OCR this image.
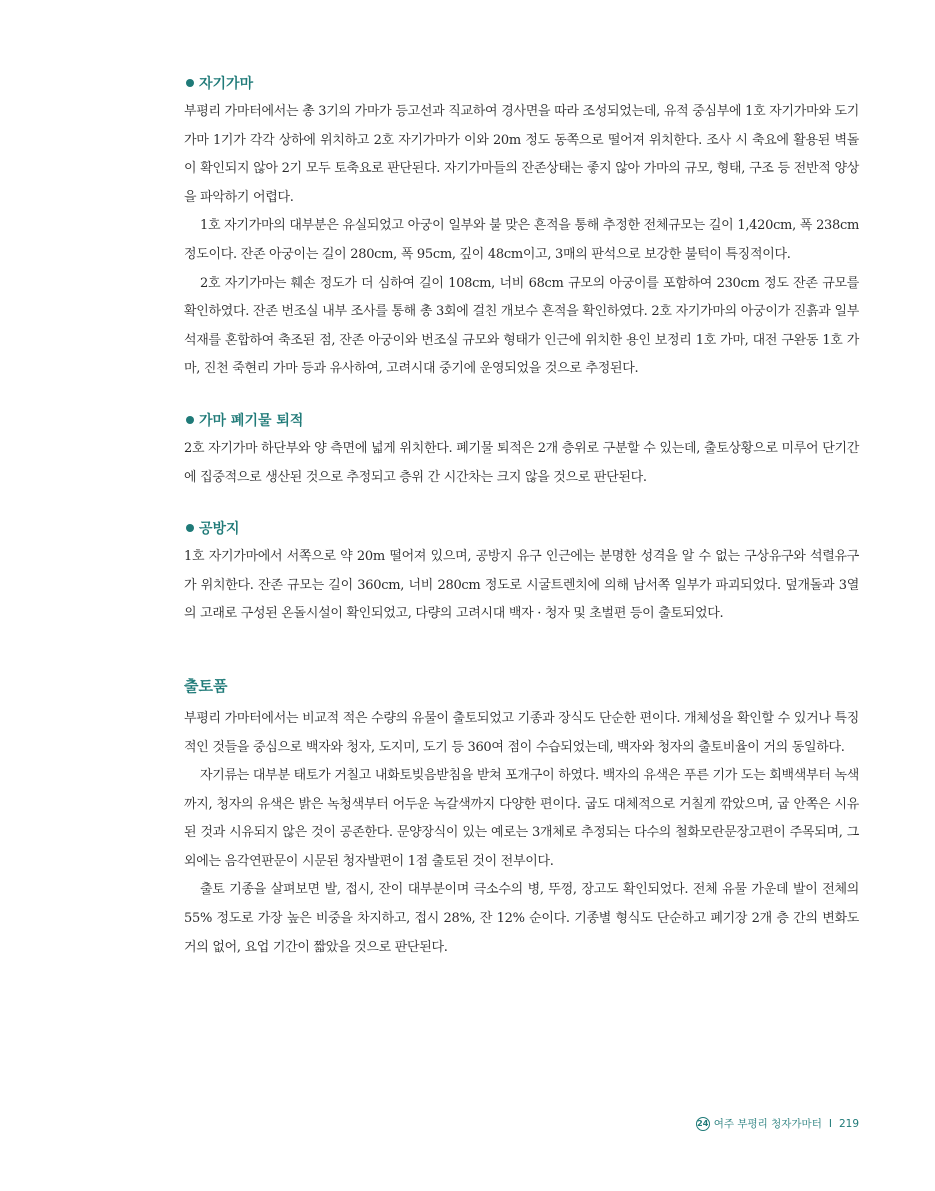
자기가마

부평리 가마터에서는 총 3기의 가마가 등고선과 직교하여 경사면을 따라 조성되었는데, 유적 중심부에 1호 자기가마와 도기가마 1기가 각각 상하에 위치하고 2호 자기가마가 이와 20m 정도 동쪽으로 떨어져 위치한다. 조사 시 축요에 활용된 벽돌이 확인되지 않아 2기 모두 토축요로 판단된다. 자기가마들의 잔존상태는 좋지 않아 가마의 규모, 형태, 구조 등 전반적 양상을 파악하기 어렵다.

1호 자기가마의 대부분은 유실되었고 아궁이 일부와 불 맞은 흔적을 통해 추정한 전체규모는 길이 1,420cm, 폭 238cm 정도이다. 잔존 아궁이는 길이 280cm, 폭 95cm, 깊이 48cm이고, 3매의 판석으로 보강한 불턱이 특징적이다.

2호 자기가마는 훼손 정도가 더 심하여 길이 108cm, 너비 68cm 규모의 아궁이를 포함하여 230cm 정도 잔존 규모를 확인하였다. 잔존 번조실 내부 조사를 통해 총 3회에 걸친 개보수 흔적을 확인하였다. 2호 자기가마의 아궁이가 진흙과 일부 석재를 혼합하여 축조된 점, 잔존 아궁이와 번조실 규모와 형태가 인근에 위치한 용인 보정리 1호 가마, 대전 구완동 1호 가마, 진천 죽현리 가마 등과 유사하여, 고려시대 중기에 운영되었을 것으로 추정된다.

가마 폐기물 퇴적

2호 자기가마 하단부와 양 측면에 넓게 위치한다. 폐기물 퇴적은 2개 층위로 구분할 수 있는데, 출토상황으로 미루어 단기간에 집중적으로 생산된 것으로 추정되고 층위 간 시간차는 크지 않을 것으로 판단된다.

공방지

1호 자기가마에서 서쪽으로 약 20m 떨어져 있으며, 공방지 유구 인근에는 분명한 성격을 알 수 없는 구상유구와 석렬유구가 위치한다. 잔존 규모는 길이 360cm, 너비 280cm 정도로 시굴트렌치에 의해 남서쪽 일부가 파괴되었다. 덮개돌과 3열의 고래로 구성된 온돌시설이 확인되었고, 다량의 고려시대 백자 · 청자 및 초벌편 등이 출토되었다.

출토품

부평리 가마터에서는 비교적 적은 수량의 유물이 출토되었고 기종과 장식도 단순한 편이다. 개체성을 확인할 수 있거나 특징적인 것들을 중심으로 백자와 청자, 도지미, 도기 등 360여 점이 수습되었는데, 백자와 청자의 출토비율이 거의 동일하다.

자기류는 대부분 태토가 거칠고 내화토빚음받침을 받쳐 포개구이 하였다. 백자의 유색은 푸른 기가 도는 회백색부터 녹색까지, 청자의 유색은 밝은 녹청색부터 어두운 녹갈색까지 다양한 편이다. 굽도 대체적으로 거칠게 깎았으며, 굽 안쪽은 시유된 것과 시유되지 않은 것이 공존한다. 문양장식이 있는 예로는 3개체로 추정되는 다수의 철화모란문장고편이 주목되며, 그 외에는 음각연판문이 시문된 청자발편이 1점 출토된 것이 전부이다.

출토 기종을 살펴보면 발, 접시, 잔이 대부분이며 극소수의 병, 뚜껑, 장고도 확인되었다. 전체 유물 가운데 발이 전체의 55% 정도로 가장 높은 비중을 차지하고, 접시 28%, 잔 12% 순이다. 기종별 형식도 단순하고 폐기장 2개 층 간의 변화도 거의 없어, 요업 기간이 짧았을 것으로 판단된다.

24 여주 부평리 청자가마터 I 219
